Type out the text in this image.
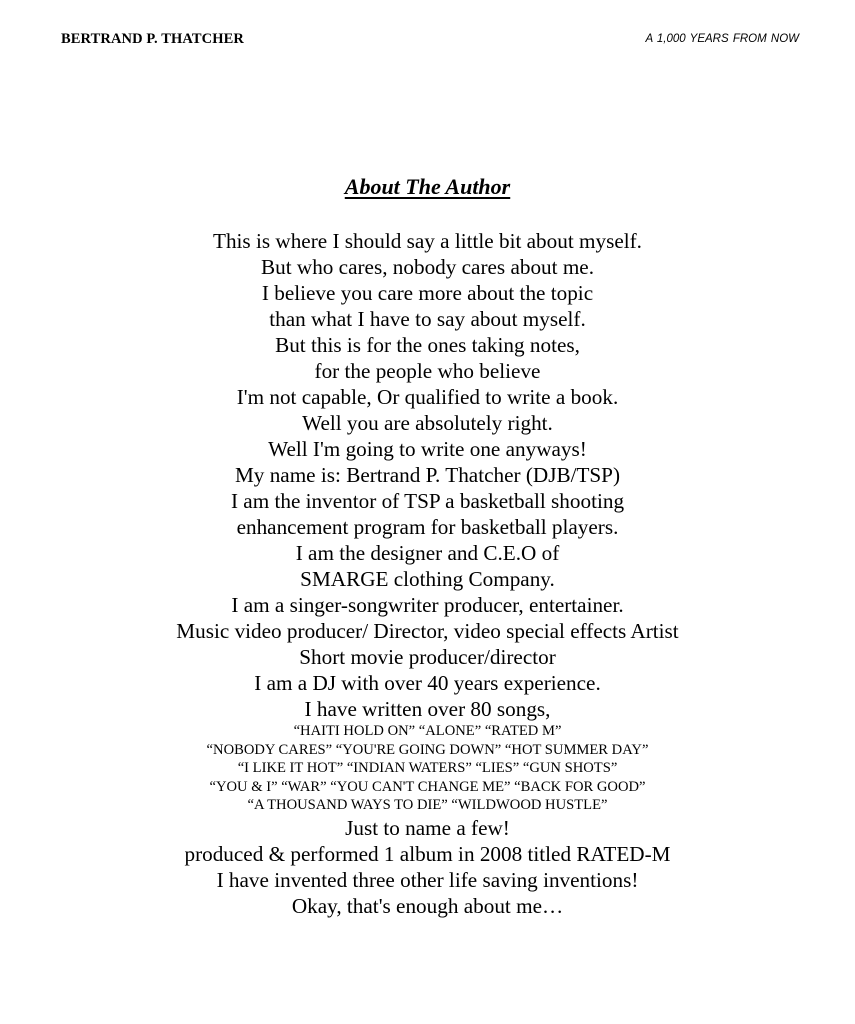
BERTRAND P. THATCHER	A 1,000 YEARS FROM NOW
About The Author
This is where I should say a little bit about myself.
But who cares, nobody cares about me.
I believe you care more about the topic
than what I have to say about myself.
But this is for the ones taking notes,
for the people who believe
I'm not capable, Or qualified to write a book.
Well you are absolutely right.
Well I'm going to write one anyways!
My name is: Bertrand P. Thatcher (DJB/TSP)
I am the inventor of TSP a basketball shooting
enhancement program for basketball players.
I am the designer and C.E.O of
SMARGE clothing Company.
I am a singer-songwriter producer, entertainer.
Music video producer/ Director, video special effects Artist
Short movie producer/director
I am a DJ with over 40 years experience.
I have written over 80 songs,
“HAITI HOLD ON” “ALONE” “RATED M”
“NOBODY CARES” “YOU'RE GOING DOWN” “HOT SUMMER DAY”
“I LIKE IT HOT” “INDIAN WATERS” “LIES” “GUN SHOTS”
“YOU & I” “WAR” “YOU CAN'T CHANGE ME” “BACK FOR GOOD”
“A THOUSAND WAYS TO DIE” “WILDWOOD HUSTLE”
Just to name a few!
produced & performed 1 album in 2008 titled RATED-M
I have invented three other life saving inventions!
Okay, that's enough about me…
